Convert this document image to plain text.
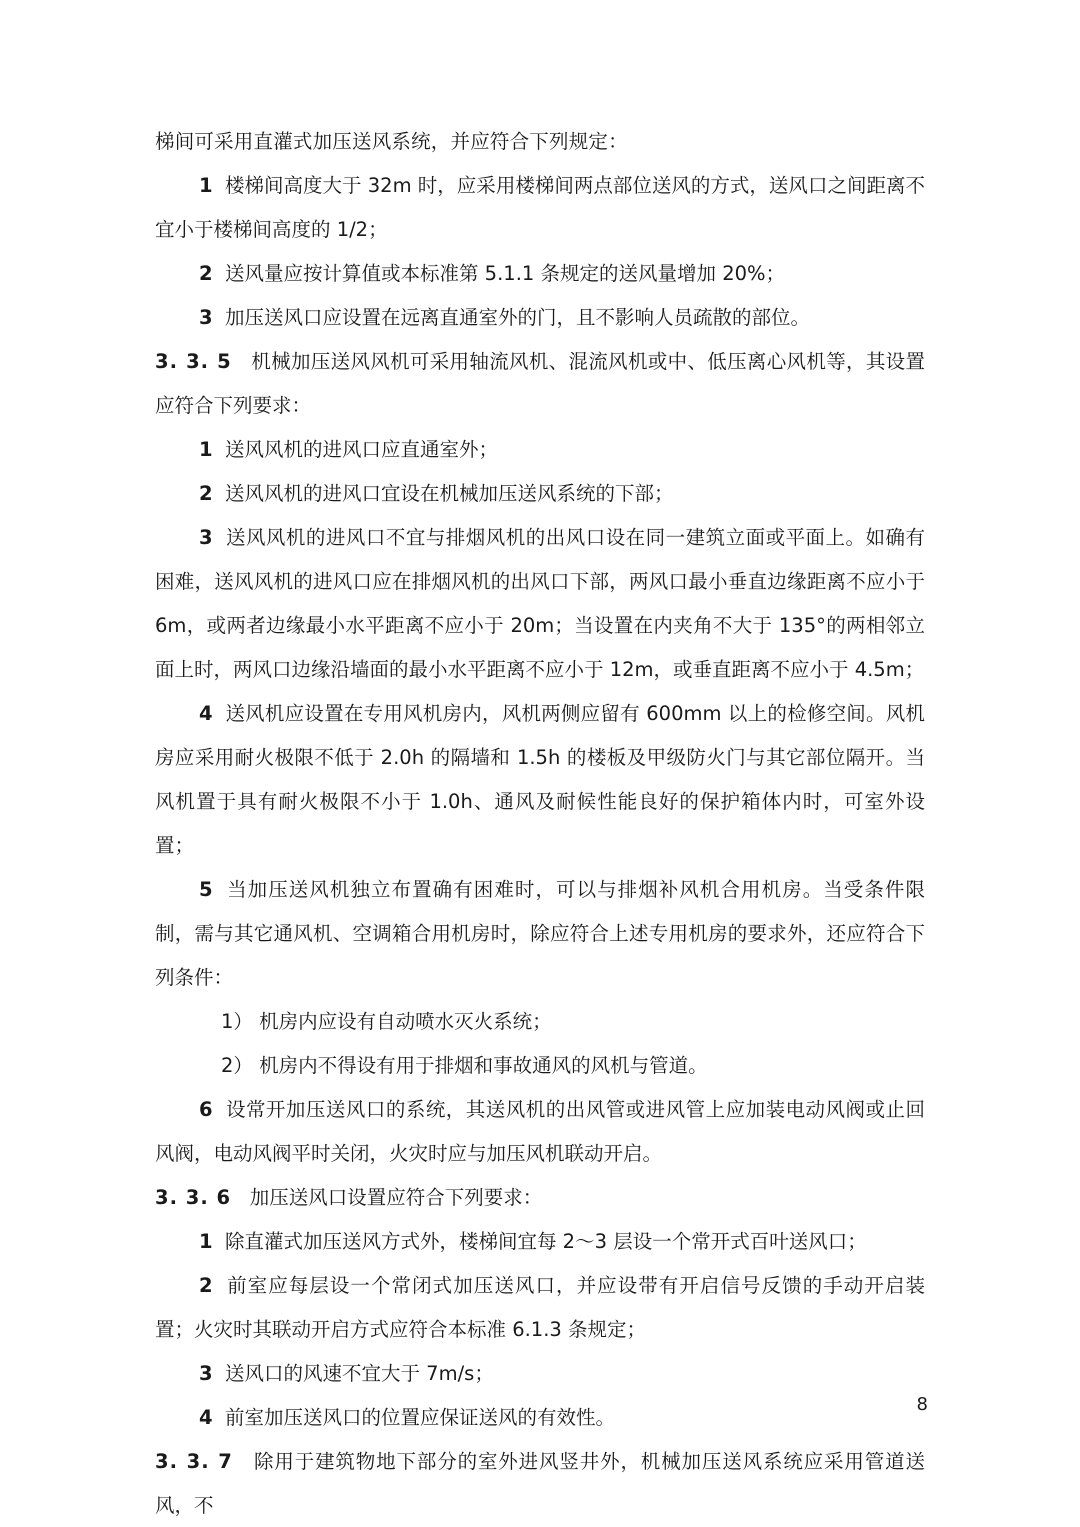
梯间可采用直灌式加压送风系统，并应符合下列规定：

1 楼梯间高度大于 32m 时，应采用楼梯间两点部位送风的方式，送风口之间距离不宜小于楼梯间高度的 1/2；

2 送风量应按计算值或本标准第 5.1.1 条规定的送风量增加 20%；

3 加压送风口应设置在远离直通室外的门，且不影响人员疏散的部位。

3. 3. 5 机械加压送风风机可采用轴流风机、混流风机或中、低压离心风机等，其设置应符合下列要求：

1 送风风机的进风口应直通室外；

2 送风风机的进风口宜设在机械加压送风系统的下部；

3 送风风机的进风口不宜与排烟风机的出风口设在同一建筑立面或平面上。如确有困难，送风风机的进风口应在排烟风机的出风口下部，两风口最小垂直边缘距离不应小于 6m，或两者边缘最小水平距离不应小于 20m；当设置在内夹角不大于 135°的两相邻立面上时，两风口边缘沿墙面的最小水平距离不应小于 12m，或垂直距离不应小于 4.5m；

4 送风机应设置在专用风机房内，风机两侧应留有 600mm 以上的检修空间。风机房应采用耐火极限不低于 2.0h 的隔墙和 1.5h 的楼板及甲级防火门与其它部位隔开。当风机置于具有耐火极限不小于 1.0h、通风及耐候性能良好的保护箱体内时，可室外设置；

5 当加压送风机独立布置确有困难时，可以与排烟补风机合用机房。当受条件限制，需与其它通风机、空调箱合用机房时，除应符合上述专用机房的要求外，还应符合下列条件：

1） 机房内应设有自动喷水灭火系统；

2） 机房内不得设有用于排烟和事故通风的风机与管道。

6 设常开加压送风口的系统，其送风机的出风管或进风管上应加装电动风阀或止回风阀，电动风阀平时关闭，火灾时应与加压风机联动开启。

3. 3. 6 加压送风口设置应符合下列要求：

1 除直灌式加压送风方式外，楼梯间宜每 2～3 层设一个常开式百叶送风口；

2 前室应每层设一个常闭式加压送风口，并应设带有开启信号反馈的手动开启装置；火灾时其联动开启方式应符合本标准 6.1.3 条规定；

3 送风口的风速不宜大于 7m/s；

4 前室加压送风口的位置应保证送风的有效性。

3. 3. 7 除用于建筑物地下部分的室外进风竖井外，机械加压送风系统应采用管道送风，不

8
